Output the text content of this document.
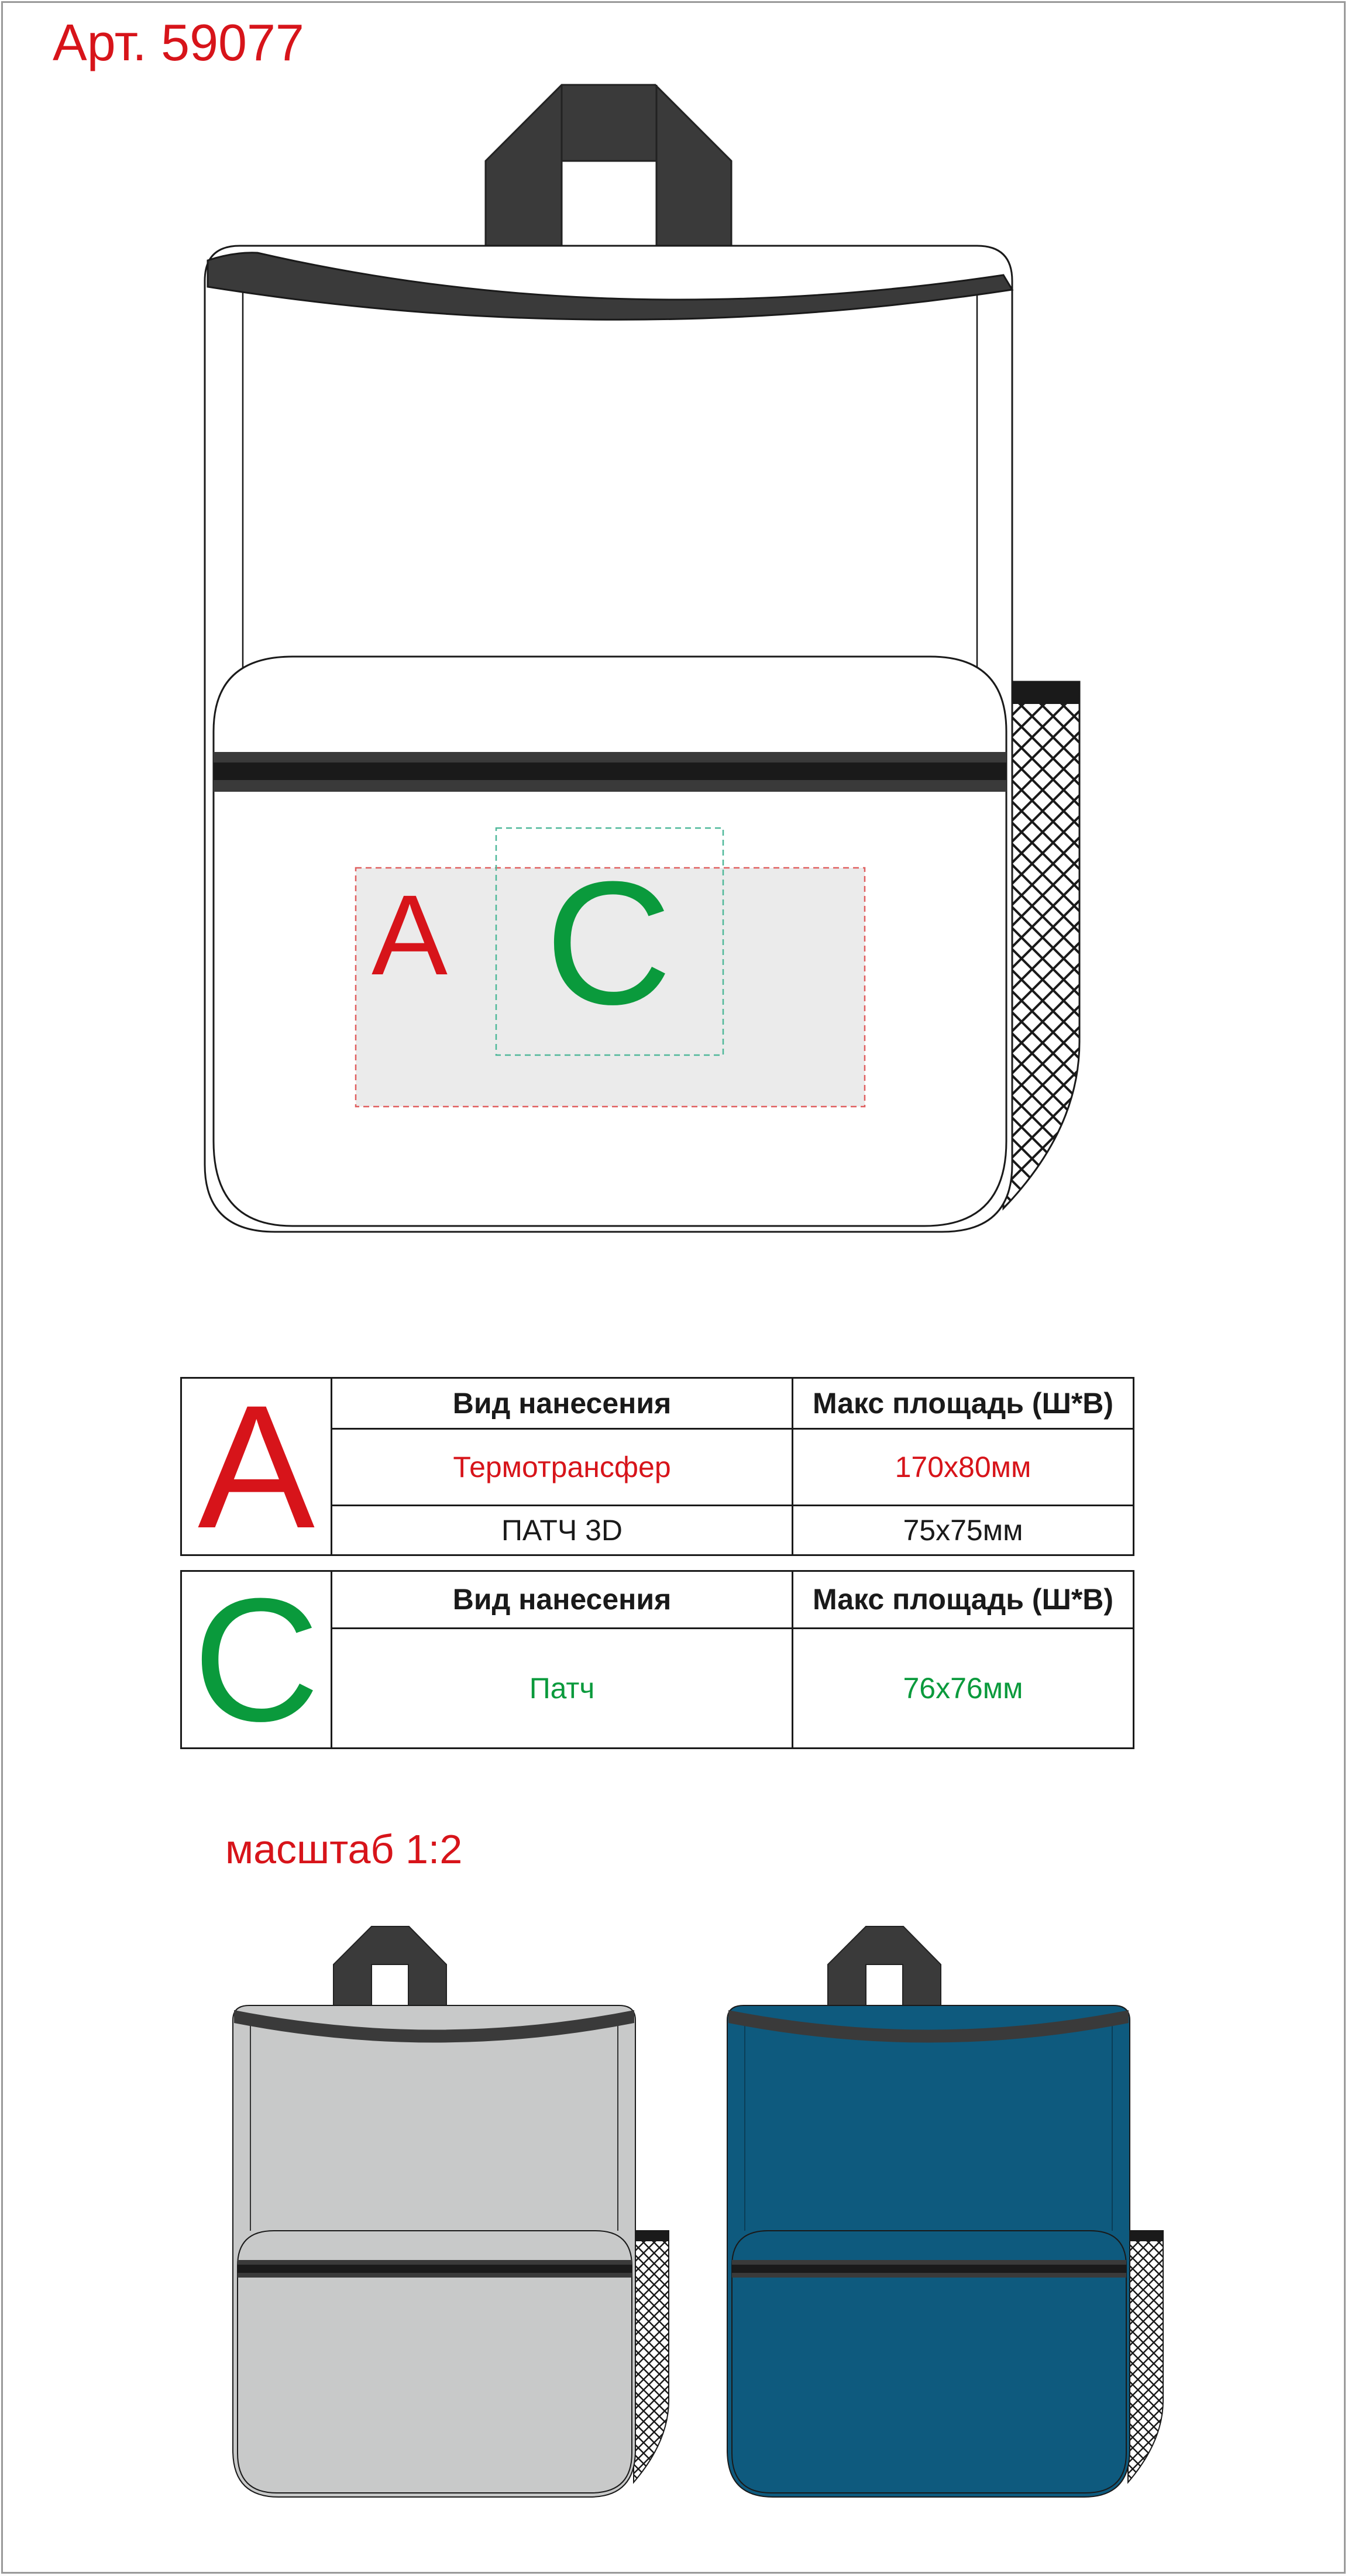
Арт. 59077
A C
A	Вид нанесения	Макс площадь (Ш*В)
	Термотрансфер	170х80мм
	ПАТЧ 3D	75х75мм
C	Вид нанесения	Макс площадь (Ш*В)
	Патч	76х76мм
масштаб 1:2
